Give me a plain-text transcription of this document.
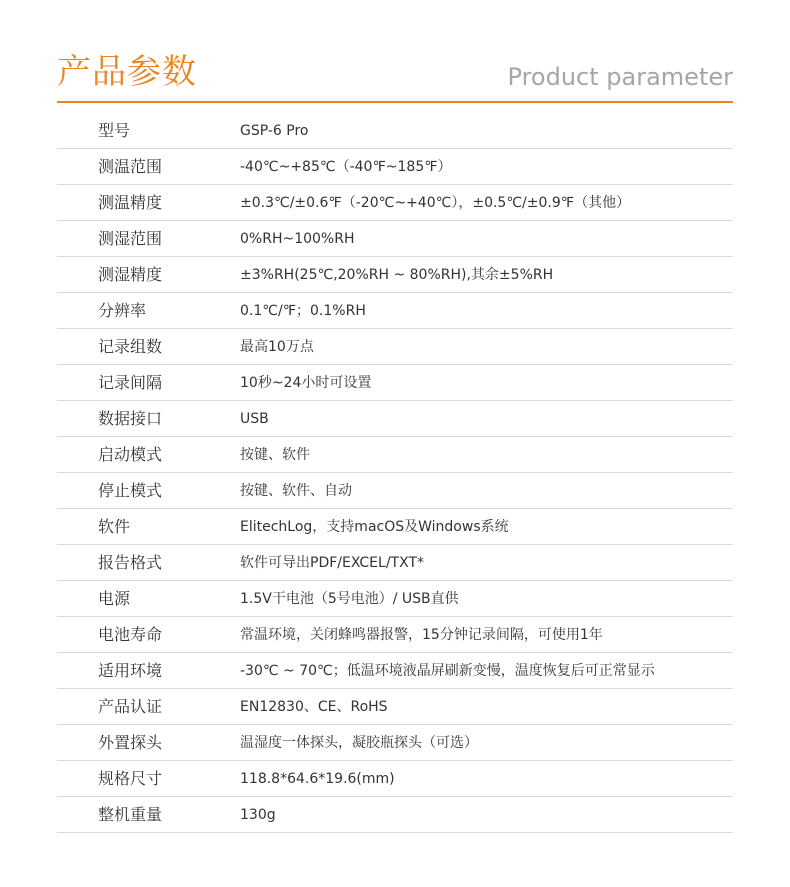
产品参数	Product parameter
型号	GSP-6 Pro
测温范围	-40℃~+85℃（-40℉~185℉）
测温精度	±0.3℃/±0.6℉（-20℃~+40℃），±0.5℃/±0.9℉（其他）
测湿范围	0%RH~100%RH
测湿精度	±3%RH(25℃,20%RH ~ 80%RH),其余±5%RH
分辨率	0.1℃/℉；0.1%RH
记录组数	最高10万点
记录间隔	10秒~24小时可设置
数据接口	USB
启动模式	按键、软件
停止模式	按键、软件、自动
软件	ElitechLog，支持macOS及Windows系统
报告格式	软件可导出PDF/EXCEL/TXT*
电源	1.5V干电池（5号电池）/ USB直供
电池寿命	常温环境，关闭蜂鸣器报警，15分钟记录间隔，可使用1年
适用环境	-30℃ ~ 70℃；低温环境液晶屏刷新变慢，温度恢复后可正常显示
产品认证	EN12830、CE、RoHS
外置探头	温湿度一体探头，凝胶瓶探头（可选）
规格尺寸	118.8*64.6*19.6(mm)
整机重量	130g
